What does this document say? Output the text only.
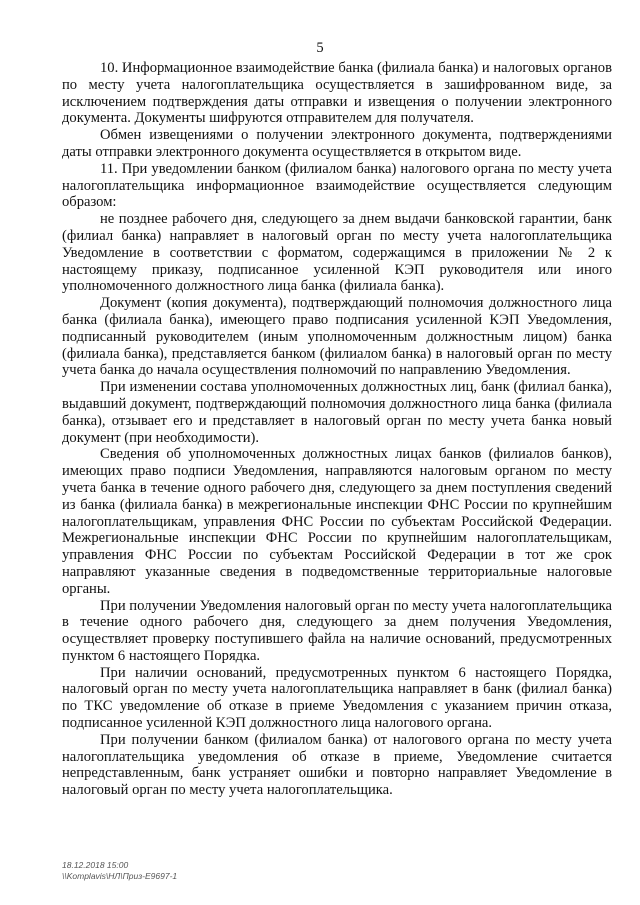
5

10. Информационное взаимодействие банка (филиала банка) и налоговых органов по месту учета налогоплательщика осуществляется в зашифрованном виде, за исключением подтверждения даты отправки и извещения о получении электронного документа. Документы шифруются отправителем для получателя.

Обмен извещениями о получении электронного документа, подтверждениями даты отправки электронного документа осуществляется в открытом виде.

11. При уведомлении банком (филиалом банка) налогового органа по месту учета налогоплательщика информационное взаимодействие осуществляется следующим образом:

не позднее рабочего дня, следующего за днем выдачи банковской гарантии, банк (филиал банка) направляет в налоговый орган по месту учета налогоплательщика Уведомление в соответствии с форматом, содержащимся в приложении № 2 к настоящему приказу, подписанное усиленной КЭП руководителя или иного уполномоченного должностного лица банка (филиала банка).

Документ (копия документа), подтверждающий полномочия должностного лица банка (филиала банка), имеющего право подписания усиленной КЭП Уведомления, подписанный руководителем (иным уполномоченным должностным лицом) банка (филиала банка), представляется банком (филиалом банка) в налоговый орган по месту учета банка до начала осуществления полномочий по направлению Уведомления.

При изменении состава уполномоченных должностных лиц, банк (филиал банка), выдавший документ, подтверждающий полномочия должностного лица банка (филиала банка), отзывает его и представляет в налоговый орган по месту учета банка новый документ (при необходимости).

Сведения об уполномоченных должностных лицах банков (филиалов банков), имеющих право подписи Уведомления, направляются налоговым органом по месту учета банка в течение одного рабочего дня, следующего за днем поступления сведений из банка (филиала банка) в межрегиональные инспекции ФНС России по крупнейшим налогоплательщикам, управления ФНС России по субъектам Российской Федерации. Межрегиональные инспекции ФНС России по крупнейшим налогоплательщикам, управления ФНС России по субъектам Российской Федерации в тот же срок направляют указанные сведения в подведомственные территориальные налоговые органы.

При получении Уведомления налоговый орган по месту учета налогоплательщика в течение одного рабочего дня, следующего за днем получения Уведомления, осуществляет проверку поступившего файла на наличие оснований, предусмотренных пунктом 6 настоящего Порядка.

При наличии оснований, предусмотренных пунктом 6 настоящего Порядка, налоговый орган по месту учета налогоплательщика направляет в банк (филиал банка) по ТКС уведомление об отказе в приеме Уведомления с указанием причин отказа, подписанное усиленной КЭП должностного лица налогового органа.

При получении банком (филиалом банка) от налогового органа по месту учета налогоплательщика уведомления об отказе в приеме, Уведомление считается непредставленным, банк устраняет ошибки и повторно направляет Уведомление в налоговый орган по месту учета налогоплательщика.

18.12.2018 15:00
\\Komplavis\НЛ\Приз-E9697-1
